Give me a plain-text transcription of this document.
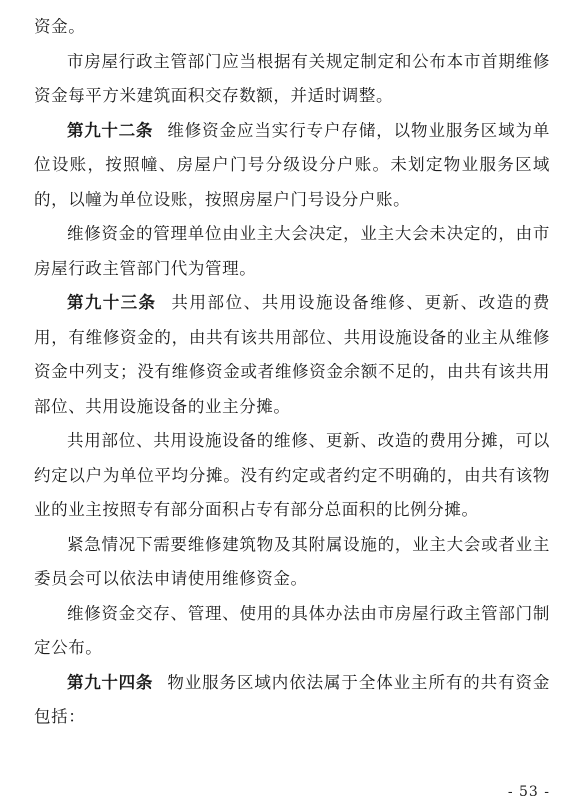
资金。

市房屋行政主管部门应当根据有关规定制定和公布本市首期维修资金每平方米建筑面积交存数额，并适时调整。

第九十二条 维修资金应当实行专户存储，以物业服务区域为单位设账，按照幢、房屋户门号分级设分户账。未划定物业服务区域的，以幢为单位设账，按照房屋户门号设分户账。

维修资金的管理单位由业主大会决定，业主大会未决定的，由市房屋行政主管部门代为管理。

第九十三条 共用部位、共用设施设备维修、更新、改造的费用，有维修资金的，由共有该共用部位、共用设施设备的业主从维修资金中列支；没有维修资金或者维修资金余额不足的，由共有该共用部位、共用设施设备的业主分摊。

共用部位、共用设施设备的维修、更新、改造的费用分摊，可以约定以户为单位平均分摊。没有约定或者约定不明确的，由共有该物业的业主按照专有部分面积占专有部分总面积的比例分摊。

紧急情况下需要维修建筑物及其附属设施的，业主大会或者业主委员会可以依法申请使用维修资金。

维修资金交存、管理、使用的具体办法由市房屋行政主管部门制定公布。

第九十四条 物业服务区域内依法属于全体业主所有的共有资金包括：

- 53 -
